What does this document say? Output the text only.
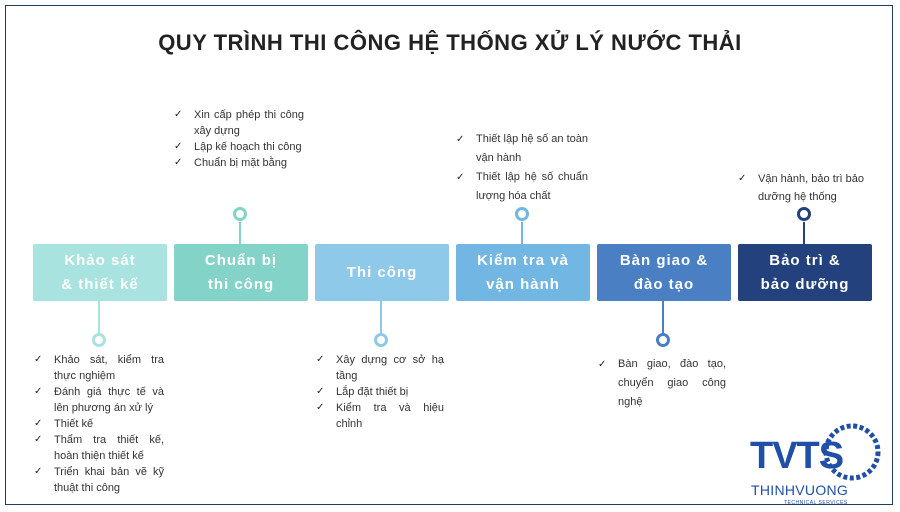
QUY TRÌNH THI CÔNG HỆ THỐNG XỬ LÝ NƯỚC THẢI
Khảo sát
& thiết kế
✓ Khảo sát, kiểm tra thực nghiệm
✓ Đánh giá thực tế và lên phương án xử lý
✓ Thiết kế
✓ Thẩm tra thiết kế, hoàn thiện thiết kế
✓ Triển khai bản vẽ kỹ thuật thi công
Chuẩn bị
thi công
✓ Xin cấp phép thi công xây dựng
✓ Lập kế hoạch thi công
✓ Chuẩn bị mặt bằng
Thi công
✓ Xây dựng cơ sở hạ tầng
✓ Lắp đặt thiết bị
✓ Kiểm tra và hiệu chỉnh
Kiểm tra và
vận hành
✓ Thiết lập hệ số an toàn vận hành
✓ Thiết lập hệ số chuẩn lượng hóa chất
Bàn giao &
đào tạo
✓ Bàn giao, đào tạo, chuyển giao công nghệ
Bảo trì &
bảo dưỡng
✓ Vận hành, bảo trì bảo dưỡng hệ thống
TVTS
THINHVUONG
TECHNICAL SERVICES
